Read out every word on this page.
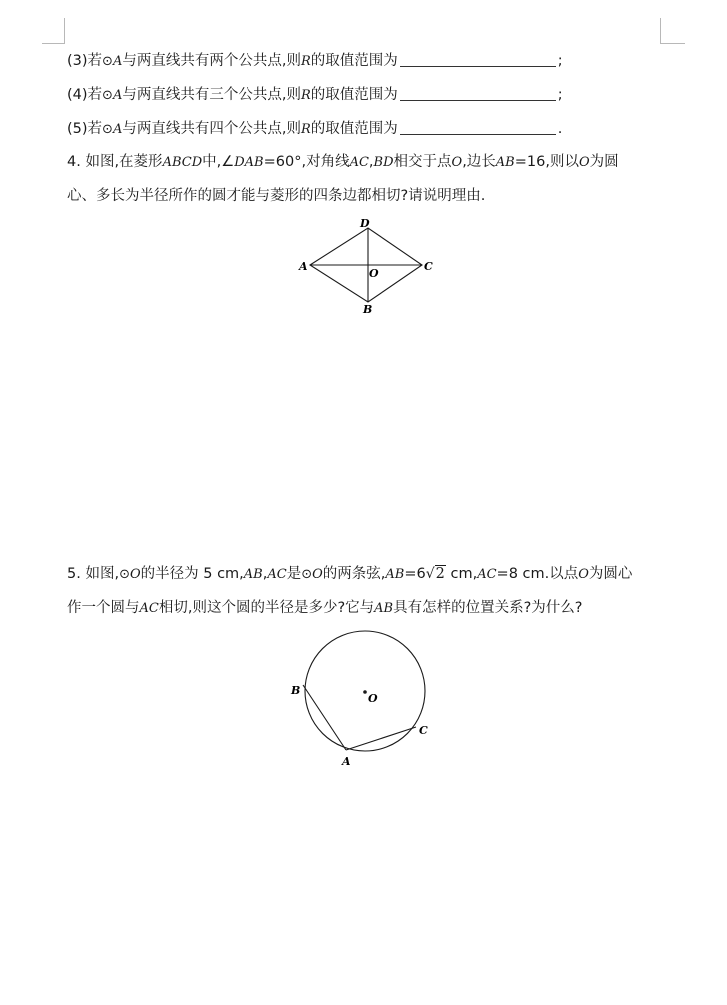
(3)若⊙A与两直线共有两个公共点,则R的取值范围为	;
(4)若⊙A与两直线共有三个公共点,则R的取值范围为	;
(5)若⊙A与两直线共有四个公共点,则R的取值范围为	.
4. 如图,在菱形ABCD中,∠DAB=60°,对角线AC,BD相交于点O,边长AB=16,则以O为圆
心、多长为半径所作的圆才能与菱形的四条边都相切?请说明理由.
D
A	C
O
B
5. 如图,⊙O的半径为 5 cm,AB,AC是⊙O的两条弦,AB=6√2 cm,AC=8 cm.以点O为圆心
作一个圆与AC相切,则这个圆的半径是多少?它与AB具有怎样的位置关系?为什么?
O
B
C
A
